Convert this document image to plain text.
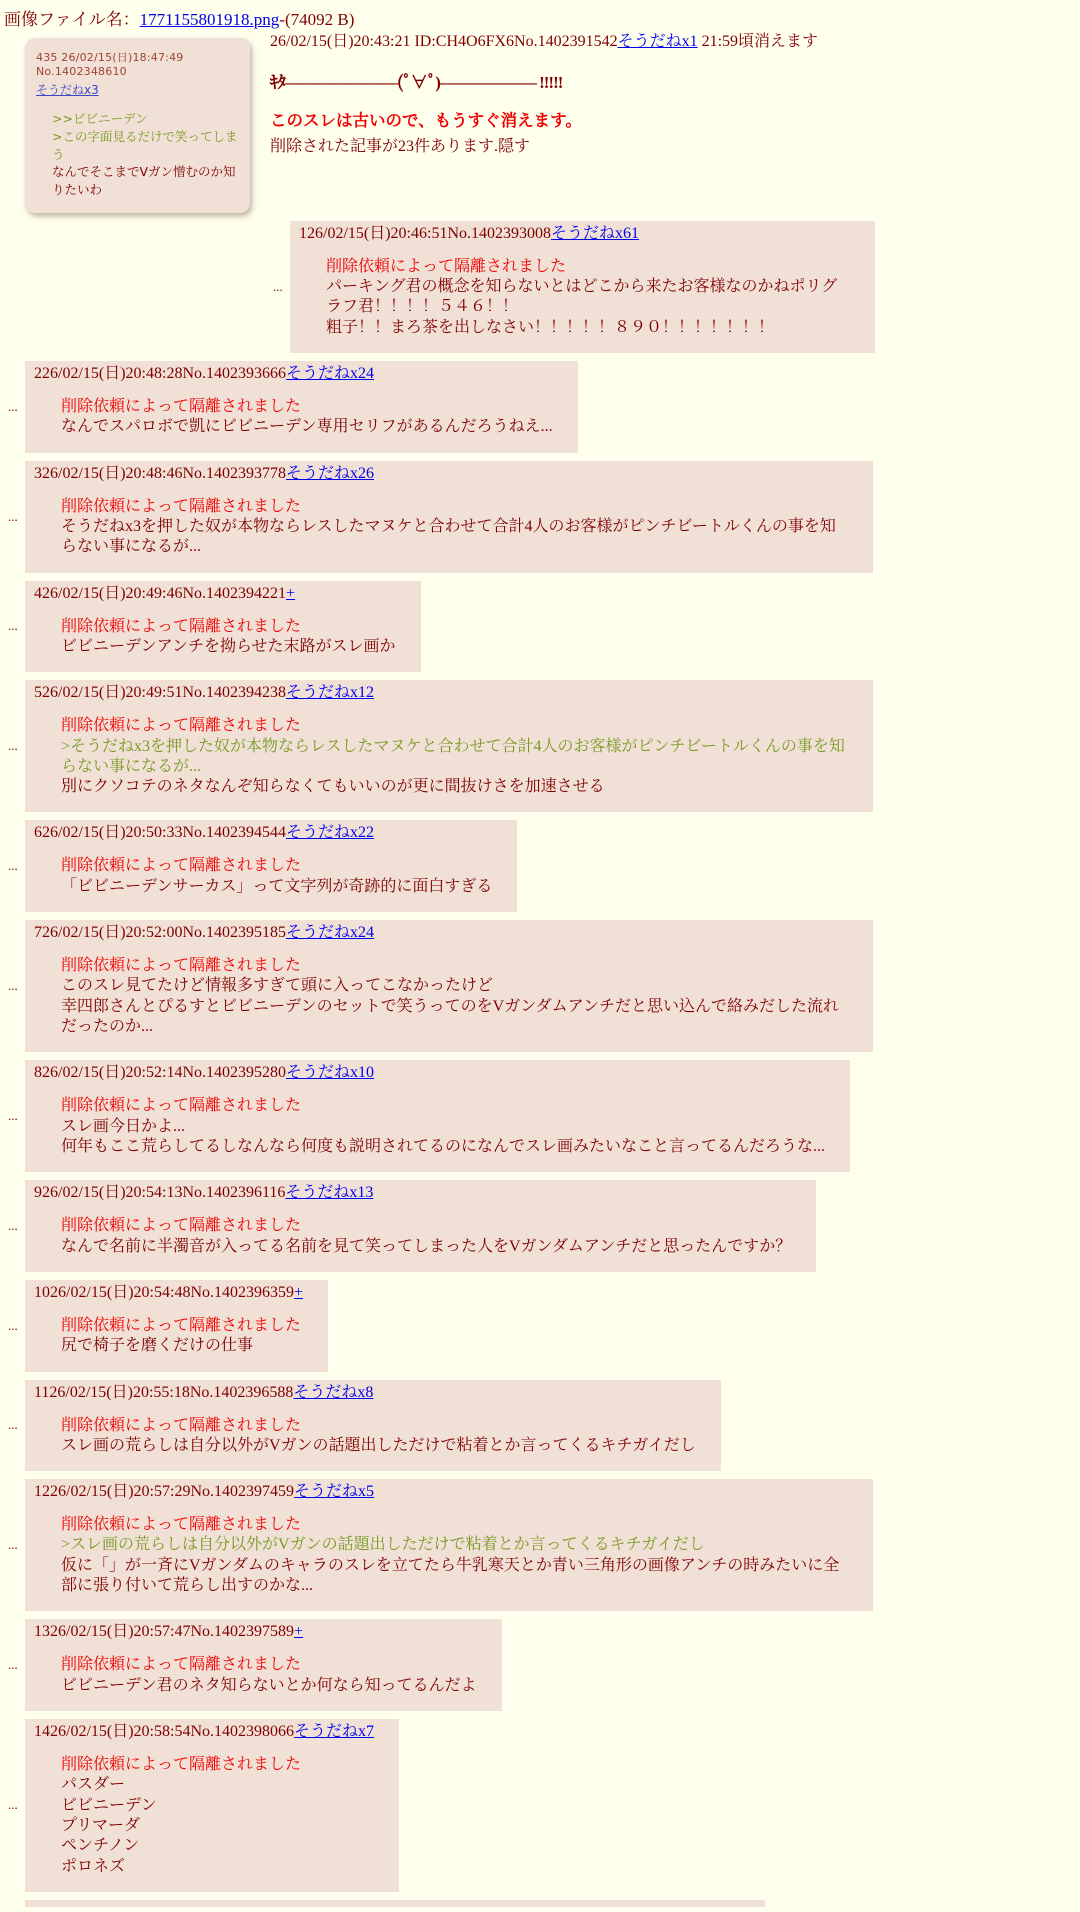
画像ファイル名：1771155801918.png-(74092 B)
435 26/02/15(日)18:47:49 No.1402348610
そうだねx3
>>ビビニーデン
>この字面見るだけで笑ってしまう
なんでそこまでVガン憎むのか知りたいわ
26/02/15(日)20:43:21 ID:CH4O6FX6No.1402391542そうだねx1 21:59頃消えます
ｷﾀ―――――――(ﾟ∀ﾟ)―――――― !!!!!
このスレは古いので、もうすぐ消えます。
削除された記事が23件あります.隠す
...
126/02/15(日)20:46:51No.1402393008そうだねx61
削除依頼によって隔離されました
パーキング君の概念を知らないとはどこから来たお客様なのかねポリグラフ君！！！！５４６！！
粗子！！まろ茶を出しなさい！！！！！８９０！！！！！！！
...
226/02/15(日)20:48:28No.1402393666そうだねx24
削除依頼によって隔離されました
なんでスパロボで凱にビビニーデン専用セリフがあるんだろうねえ...
...
326/02/15(日)20:48:46No.1402393778そうだねx26
削除依頼によって隔離されました
そうだねx3を押した奴が本物ならレスしたマヌケと合わせて合計4人のお客様がピンチビートルくんの事を知らない事になるが...
...
426/02/15(日)20:49:46No.1402394221+
削除依頼によって隔離されました
ビビニーデンアンチを拗らせた末路がスレ画か
...
526/02/15(日)20:49:51No.1402394238そうだねx12
削除依頼によって隔離されました
>そうだねx3を押した奴が本物ならレスしたマヌケと合わせて合計4人のお客様がピンチビートルくんの事を知らない事になるが...
別にクソコテのネタなんぞ知らなくてもいいのが更に間抜けさを加速させる
...
626/02/15(日)20:50:33No.1402394544そうだねx22
削除依頼によって隔離されました
「ビビニーデンサーカス」って文字列が奇跡的に面白すぎる
...
726/02/15(日)20:52:00No.1402395185そうだねx24
削除依頼によって隔離されました
このスレ見てたけど情報多すぎて頭に入ってこなかったけど
幸四郎さんとぴるすとビビニーデンのセットで笑うってのをVガンダムアンチだと思い込んで絡みだした流れだったのか...
...
826/02/15(日)20:52:14No.1402395280そうだねx10
削除依頼によって隔離されました
スレ画今日かよ...
何年もここ荒らしてるしなんなら何度も説明されてるのになんでスレ画みたいなこと言ってるんだろうな...
...
926/02/15(日)20:54:13No.1402396116そうだねx13
削除依頼によって隔離されました
なんで名前に半濁音が入ってる名前を見て笑ってしまった人をVガンダムアンチだと思ったんですか？
...
1026/02/15(日)20:54:48No.1402396359+
削除依頼によって隔離されました
尻で椅子を磨くだけの仕事
...
1126/02/15(日)20:55:18No.1402396588そうだねx8
削除依頼によって隔離されました
スレ画の荒らしは自分以外がVガンの話題出しただけで粘着とか言ってくるキチガイだし
...
1226/02/15(日)20:57:29No.1402397459そうだねx5
削除依頼によって隔離されました
>スレ画の荒らしは自分以外がVガンの話題出しただけで粘着とか言ってくるキチガイだし
仮に「」が一斉にVガンダムのキャラのスレを立てたら牛乳寒天とか青い三角形の画像アンチの時みたいに全部に張り付いて荒らし出すのかな...
...
1326/02/15(日)20:57:47No.1402397589+
削除依頼によって隔離されました
ビビニーデン君のネタ知らないとか何なら知ってるんだよ
...
1426/02/15(日)20:58:54No.1402398066そうだねx7
削除依頼によって隔離されました
パスダー
ビビニーデン
プリマーダ
ペンチノン
ポロネズ
